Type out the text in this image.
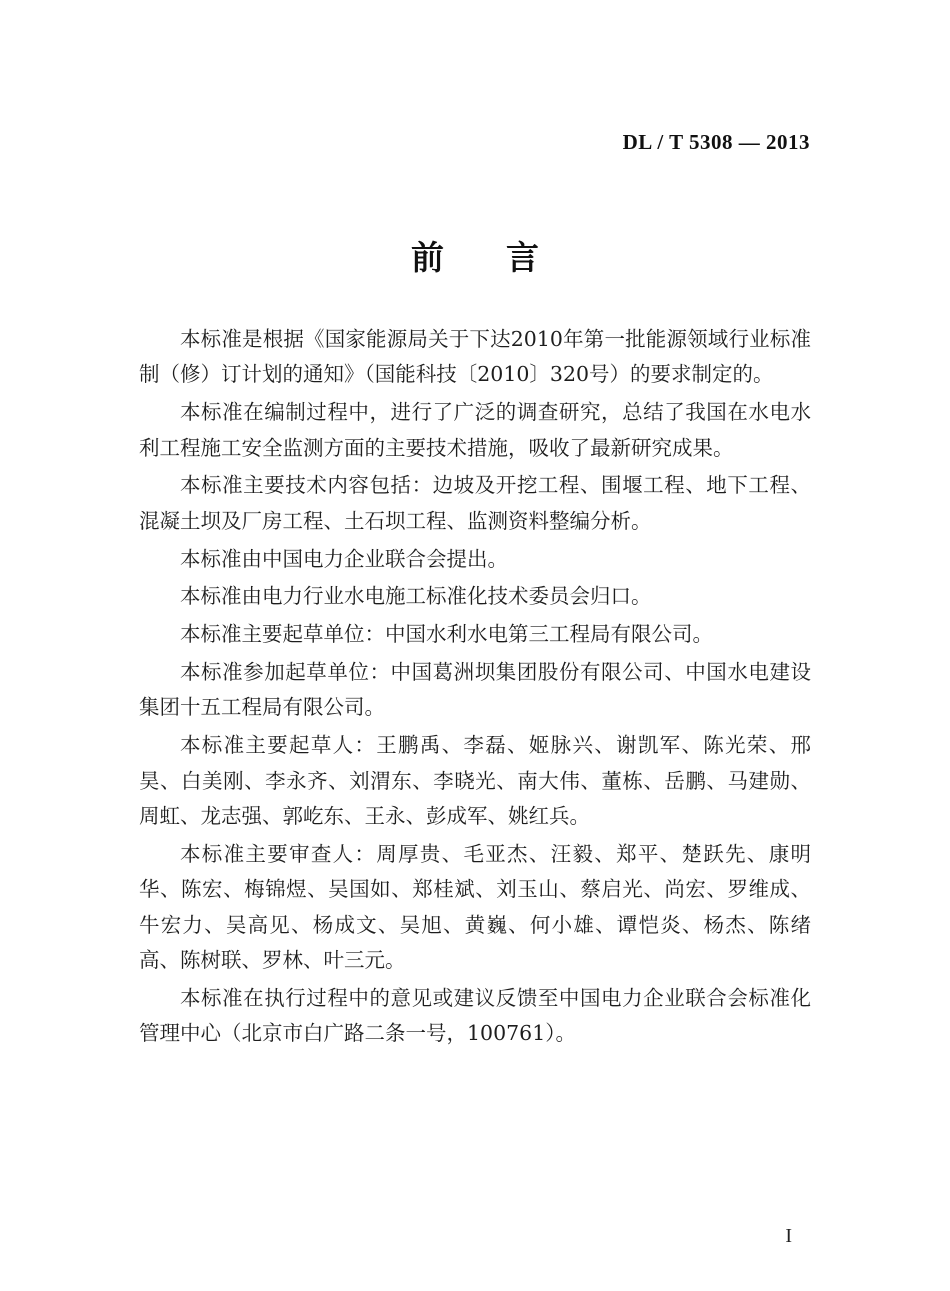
DL / T 5308 — 2013
前言

本标准是根据《国家能源局关于下达2010年第一批能源领域行业标准制（修）订计划的通知》（国能科技〔2010〕320号）的要求制定的。

本标准在编制过程中，进行了广泛的调查研究，总结了我国在水电水利工程施工安全监测方面的主要技术措施，吸收了最新研究成果。

本标准主要技术内容包括：边坡及开挖工程、围堰工程、地下工程、混凝土坝及厂房工程、土石坝工程、监测资料整编分析。

本标准由中国电力企业联合会提出。

本标准由电力行业水电施工标准化技术委员会归口。

本标准主要起草单位：中国水利水电第三工程局有限公司。

本标准参加起草单位：中国葛洲坝集团股份有限公司、中国水电建设集团十五工程局有限公司。

本标准主要起草人：王鹏禹、李磊、姬脉兴、谢凯军、陈光荣、邢昊、白美刚、李永齐、刘渭东、李晓光、南大伟、董栋、岳鹏、马建勋、周虹、龙志强、郭屹东、王永、彭成军、姚红兵。

本标准主要审查人：周厚贵、毛亚杰、汪毅、郑平、楚跃先、康明华、陈宏、梅锦煜、吴国如、郑桂斌、刘玉山、蔡启光、尚宏、罗维成、牛宏力、吴高见、杨成文、吴旭、黄巍、何小雄、谭恺炎、杨杰、陈绪高、陈树联、罗林、叶三元。

本标准在执行过程中的意见或建议反馈至中国电力企业联合会标准化管理中心（北京市白广路二条一号，100761）。

I
